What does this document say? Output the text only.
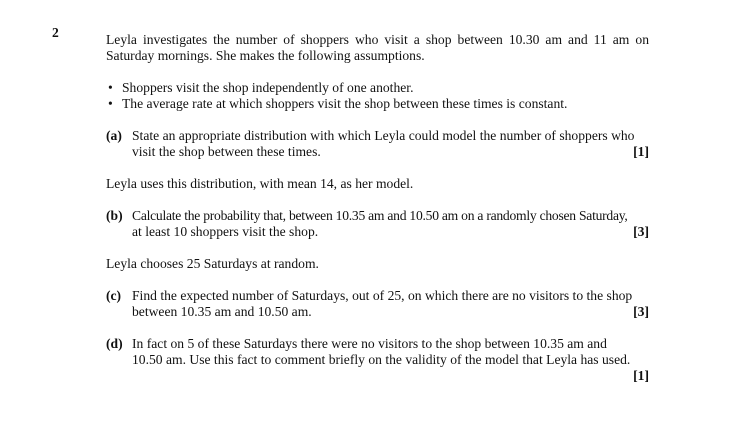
2	Leyla investigates the number of shoppers who visit a shop between 10.30 am and 11 am on Saturday mornings. She makes the following assumptions.
• Shoppers visit the shop independently of one another.
• The average rate at which shoppers visit the shop between these times is constant.
(a) State an appropriate distribution with which Leyla could model the number of shoppers who
visit the shop between these times.	[1]
Leyla uses this distribution, with mean 14, as her model.
(b) Calculate the probability that, between 10.35 am and 10.50 am on a randomly chosen Saturday,
at least 10 shoppers visit the shop.	[3]
Leyla chooses 25 Saturdays at random.
(c) Find the expected number of Saturdays, out of 25, on which there are no visitors to the shop
between 10.35 am and 10.50 am.	[3]
(d) In fact on 5 of these Saturdays there were no visitors to the shop between 10.35 am and
10.50 am. Use this fact to comment briefly on the validity of the model that Leyla has used.

[1]
